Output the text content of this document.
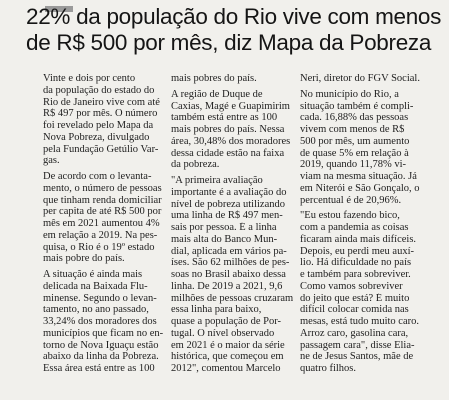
22% da população do Rio vive com menos
de R$ 500 por mês, diz Mapa da Pobreza
Vinte e dois por cento
da população do estado do
Rio de Janeiro vive com até
R$ 497 por mês. O número
foi revelado pelo Mapa da
Nova Pobreza, divulgado
pela Fundação Getúlio Var-
gas.
De acordo com o levanta-
mento, o número de pessoas
que tinham renda domiciliar
per capita de até R$ 500 por
mês em 2021 aumentou 4%
em relação a 2019. Na pes-
quisa, o Rio é o 19º estado
mais pobre do país.
A situação é ainda mais
delicada na Baixada Flu-
minense. Segundo o levan-
tamento, no ano passado,
33,24% dos moradores dos
municípios que ficam no en-
torno de Nova Iguaçu estão
abaixo da linha da Pobreza.
Essa área está entre as 100
mais pobres do país.
A região de Duque de
Caxias, Magé e Guapimirim
também está entre as 100
mais pobres do país. Nessa
área, 30,48% dos moradores
dessa cidade estão na faixa
da pobreza.
"A primeira avaliação
importante é a avaliação do
nível de pobreza utilizando
uma linha de R$ 497 men-
sais por pessoa. É a linha
mais alta do Banco Mun-
dial, aplicada em vários pa-
íses. São 62 milhões de pes-
soas no Brasil abaixo dessa
linha. De 2019 a 2021, 9,6
milhões de pessoas cruzaram
essa linha para baixo,
quase a população de Por-
tugal. O nível observado
em 2021 é o maior da série
histórica, que começou em
2012", comentou Marcelo
Neri, diretor do FGV Social.
No município do Rio, a
situação também é compli-
cada. 16,88% das pessoas
vivem com menos de R$
500 por mês, um aumento
de quase 5% em relação à
2019, quando 11,78% vi-
viam na mesma situação. Já
em Niterói e São Gonçalo, o
percentual é de 20,96%.
"Eu estou fazendo bico,
com a pandemia as coisas
ficaram ainda mais difíceis.
Depois, eu perdi meu auxí-
lio. Há dificuldade no país
e também para sobreviver.
Como vamos sobreviver
do jeito que está? É muito
difícil colocar comida nas
mesas, está tudo muito caro.
Arroz caro, gasolina cara,
passagem cara", disse Elia-
ne de Jesus Santos, mãe de
quatro filhos.
